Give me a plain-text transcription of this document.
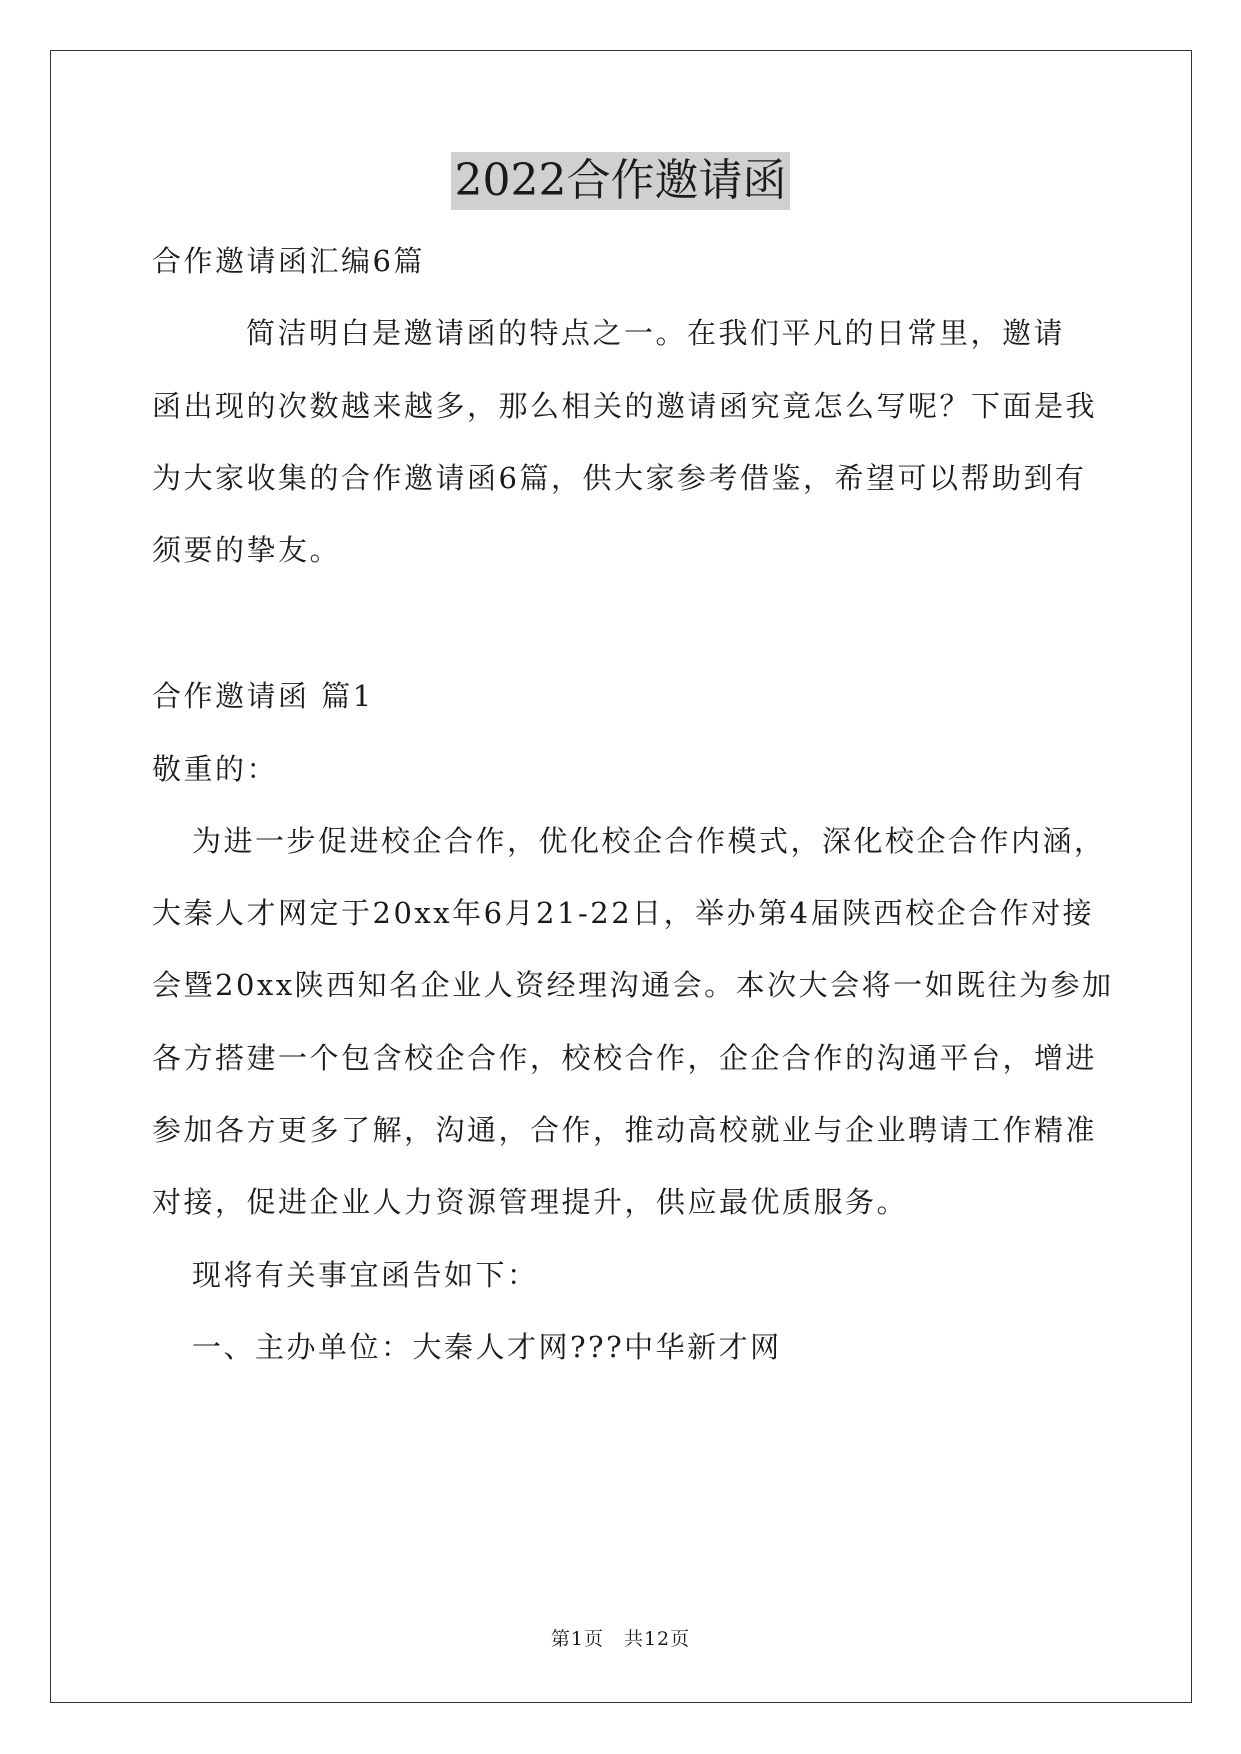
2022合作邀请函
合作邀请函汇编6篇
简洁明白是邀请函的特点之一。在我们平凡的日常里，邀请
函出现的次数越来越多，那么相关的邀请函究竟怎么写呢？下面是我
为大家收集的合作邀请函6篇，供大家参考借鉴，希望可以帮助到有
须要的挚友。
合作邀请函 篇1
敬重的：
为进一步促进校企合作，优化校企合作模式，深化校企合作内涵，
大秦人才网定于20xx年6月21-22日，举办第4届陕西校企合作对接
会暨20xx陕西知名企业人资经理沟通会。本次大会将一如既往为参加
各方搭建一个包含校企合作，校校合作，企企合作的沟通平台，增进
参加各方更多了解，沟通，合作，推动高校就业与企业聘请工作精准
对接，促进企业人力资源管理提升，供应最优质服务。
现将有关事宜函告如下：
一、主办单位：大秦人才网???中华新才网
第1页　共12页
